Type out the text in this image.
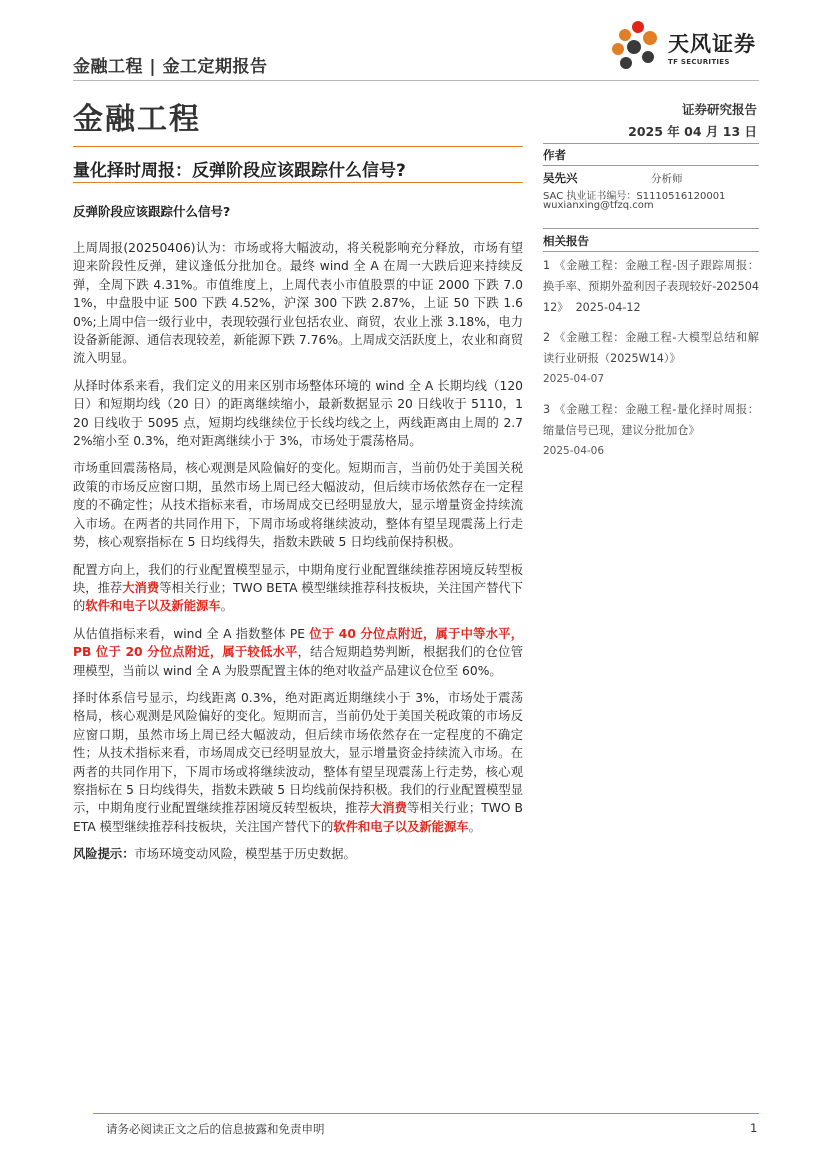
金融工程 | 金工定期报告
天风证券
TF SECURITIES
金融工程	证券研究报告
2025 年 04 月 13 日
量化择时周报：反弹阶段应该跟踪什么信号?
反弹阶段应该跟踪什么信号?

上周周报(20250406)认为：市场或将大幅波动，将关税影响充分释放，市场有望迎来阶段性反弹，建议逢低分批加仓。最终 wind 全 A 在周一大跌后迎来持续反弹，全周下跌 4.31%。市值维度上，上周代表小市值股票的中证 2000 下跌 7.01%，中盘股中证 500 下跌 4.52%，沪深 300 下跌 2.87%，上证 50 下跌 1.60%;上周中信一级行业中，表现较强行业包括农业、商贸，农业上涨 3.18%，电力设备新能源、通信表现较差，新能源下跌 7.76%。上周成交活跃度上，农业和商贸流入明显。

从择时体系来看，我们定义的用来区别市场整体环境的 wind 全 A 长期均线（120 日）和短期均线（20 日）的距离继续缩小，最新数据显示 20 日线收于 5110，120 日线收于 5095 点，短期均线继续位于长线均线之上，两线距离由上周的 2.72%缩小至 0.3%，绝对距离继续小于 3%，市场处于震荡格局。

市场重回震荡格局，核心观测是风险偏好的变化。短期而言，当前仍处于美国关税政策的市场反应窗口期，虽然市场上周已经大幅波动，但后续市场依然存在一定程度的不确定性；从技术指标来看，市场周成交已经明显放大，显示增量资金持续流入市场。在两者的共同作用下，下周市场或将继续波动，整体有望呈现震荡上行走势，核心观察指标在 5 日均线得失，指数未跌破 5 日均线前保持积极。

配置方向上，我们的行业配置模型显示，中期角度行业配置继续推荐困境反转型板块，推荐大消费等相关行业；TWO BETA 模型继续推荐科技板块，关注国产替代下的软件和电子以及新能源车。

从估值指标来看，wind 全 A 指数整体 PE 位于 40 分位点附近，属于中等水平，PB 位于 20 分位点附近，属于较低水平，结合短期趋势判断，根据我们的仓位管理模型，当前以 wind 全 A 为股票配置主体的绝对收益产品建议仓位至 60%。

择时体系信号显示，均线距离 0.3%，绝对距离近期继续小于 3%，市场处于震荡格局，核心观测是风险偏好的变化。短期而言，当前仍处于美国关税政策的市场反应窗口期，虽然市场上周已经大幅波动，但后续市场依然存在一定程度的不确定性；从技术指标来看，市场周成交已经明显放大，显示增量资金持续流入市场。在两者的共同作用下，下周市场或将继续波动，整体有望呈现震荡上行走势，核心观察指标在 5 日均线得失，指数未跌破 5 日均线前保持积极。我们的行业配置模型显示，中期角度行业配置继续推荐困境反转型板块，推荐大消费等相关行业；TWO BETA 模型继续推荐科技板块，关注国产替代下的软件和电子以及新能源车。

风险提示：市场环境变动风险，模型基于历史数据。

作者
吴先兴	分析师
SAC 执业证书编号：S1110516120001
wuxianxing@tfzq.com
相关报告
1 《金融工程：金融工程-因子跟踪周报：换手率、预期外盈利因子表现较好-20250412》 2025-04-12
2 《金融工程：金融工程-大模型总结和解读行业研报（2025W14）》
2025-04-07
3 《金融工程：金融工程-量化择时周报：缩量信号已现，建议分批加仓》
2025-04-06
请务必阅读正文之后的信息披露和免责申明	1
